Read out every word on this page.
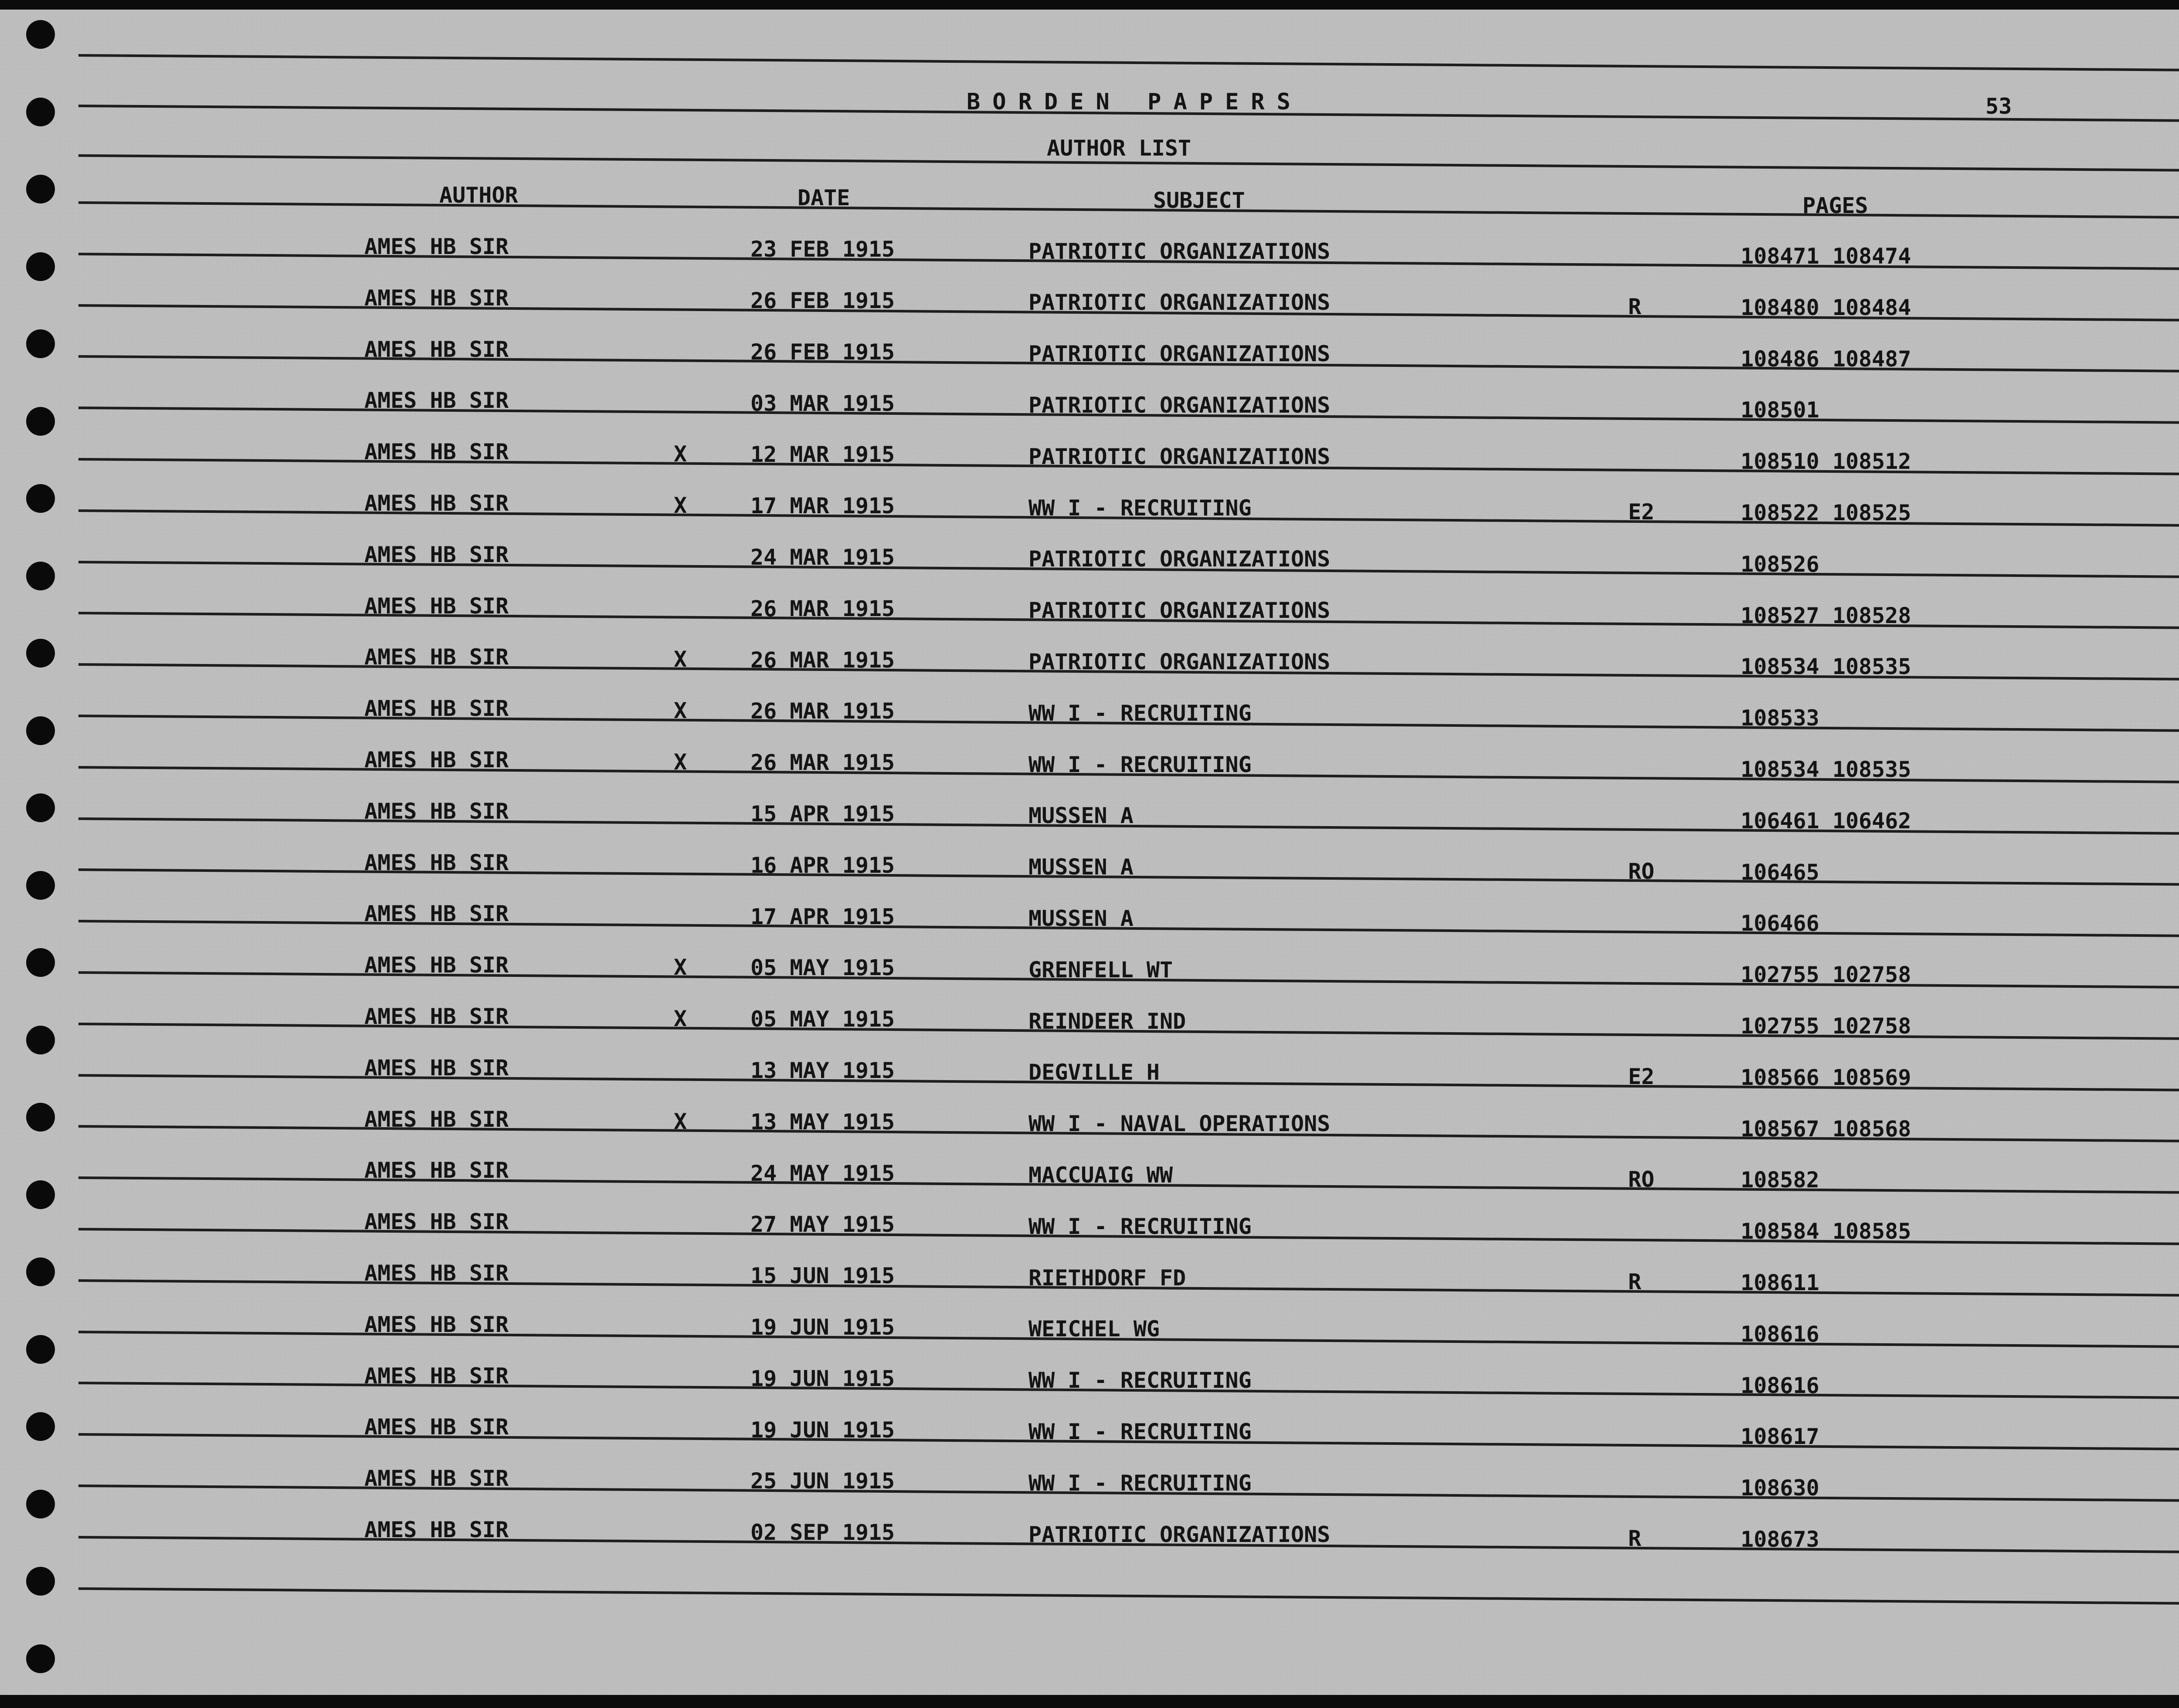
BORDEN PAPERS	53
AUTHOR LIST
AUTHOR	DATE	SUBJECT	PAGES
AMES HB SIR	23 FEB 1915	PATRIOTIC ORGANIZATIONS	108471 108474
AMES HB SIR	26 FEB 1915	PATRIOTIC ORGANIZATIONS	R	108480 108484
AMES HB SIR	26 FEB 1915	PATRIOTIC ORGANIZATIONS	108486 108487
AMES HB SIR	03 MAR 1915	PATRIOTIC ORGANIZATIONS	108501
AMES HB SIR	X	12 MAR 1915	PATRIOTIC ORGANIZATIONS	108510 108512
AMES HB SIR	X	17 MAR 1915	WW I - RECRUITING	E2	108522 108525
AMES HB SIR	24 MAR 1915	PATRIOTIC ORGANIZATIONS	108526
AMES HB SIR	26 MAR 1915	PATRIOTIC ORGANIZATIONS	108527 108528
AMES HB SIR	X	26 MAR 1915	PATRIOTIC ORGANIZATIONS	108534 108535
AMES HB SIR	X	26 MAR 1915	WW I - RECRUITING	108533
AMES HB SIR	X	26 MAR 1915	WW I - RECRUITING	108534 108535
AMES HB SIR	15 APR 1915	MUSSEN A	106461 106462
AMES HB SIR	16 APR 1915	MUSSEN A	RO	106465
AMES HB SIR	17 APR 1915	MUSSEN A	106466
AMES HB SIR	X	05 MAY 1915	GRENFELL WT	102755 102758
AMES HB SIR	X	05 MAY 1915	REINDEER IND	102755 102758
AMES HB SIR	13 MAY 1915	DEGVILLE H	E2	108566 108569
AMES HB SIR	X	13 MAY 1915	WW I - NAVAL OPERATIONS	108567 108568
AMES HB SIR	24 MAY 1915	MACCUAIG WW	RO	108582
AMES HB SIR	27 MAY 1915	WW I - RECRUITING	108584 108585
AMES HB SIR	15 JUN 1915	RIETHDORF FD	R	108611
AMES HB SIR	19 JUN 1915	WEICHEL WG	108616
AMES HB SIR	19 JUN 1915	WW I - RECRUITING	108616
AMES HB SIR	19 JUN 1915	WW I - RECRUITING	108617
AMES HB SIR	25 JUN 1915	WW I - RECRUITING	108630
AMES HB SIR	02 SEP 1915	PATRIOTIC ORGANIZATIONS	R	108673
